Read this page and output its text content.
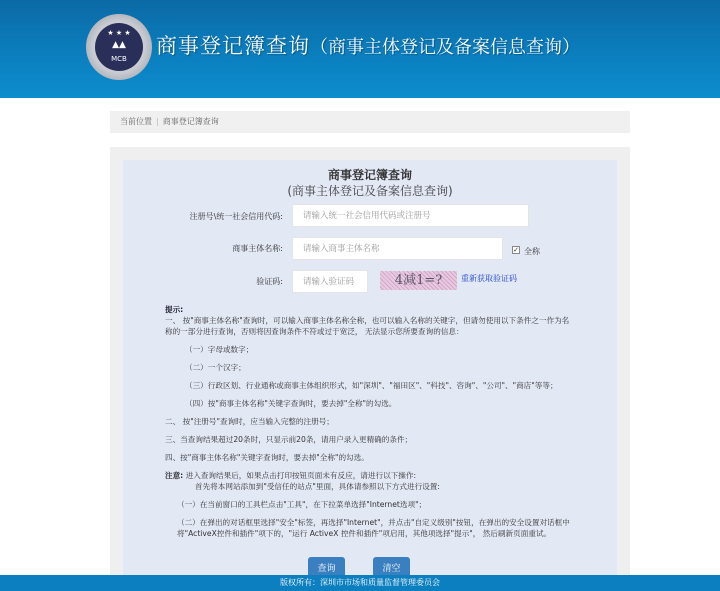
★ ★ ★
▲▲
MCB
商事登记簿查询（商事主体登记及备案信息查询）
当前位置 | 商事登记簿查询
商事登记簿查询
(商事主体登记及备案信息查询)
注册号\统一社会信用代码:
请输入统一社会信用代码或注册号
商事主体名称:
请输入商事主体名称	✓ 全称
验证码:
请输入验证码	4减1=?	重新获取验证码

提示:

一、 按"商事主体名称"查询时，可以输入商事主体名称全称，也可以输入名称的关键字，但请勿使用以下条件之一作为名称的一部分进行查询，否则将因查询条件不符或过于宽泛， 无法显示您所要查询的信息：

（一）字母或数字；

（二）一个汉字；

（三）行政区划、行业通称或商事主体组织形式，如"深圳"、"福田区"、"科技"、咨询"、"公司"、"商店"等等；

（四）按"商事主体名称"关键字查询时，要去掉"全称"的勾选。

二、 按"注册号"查询时，应当输入完整的注册号；

三、当查询结果超过20条时，只显示前20条，请用户录入更精确的条件；

四、按"商事主体名称"关键字查询时，要去掉"全称"的勾选。

注意: 进入查询结果后，如果点击打印按钮页面未有反应，请进行以下操作:

首先将本网站添加到"受信任的站点"里面，具体请参照以下方式进行设置:

（一）在当前窗口的工具栏点击"工具"，在下拉菜单选择"Internet选项"；

（二）在弹出的对话框里选择"安全"标签，再选择"Internet"，并点击"自定义级别"按钮，在弹出的安全设置对话框中将"ActiveX控件和插件"项下的，"运行 ActiveX 控件和插件"项启用，其他项选择"提示"， 然后刷新页面重试。

查询	清空
版权所有：深圳市市场和质量监督管理委员会
